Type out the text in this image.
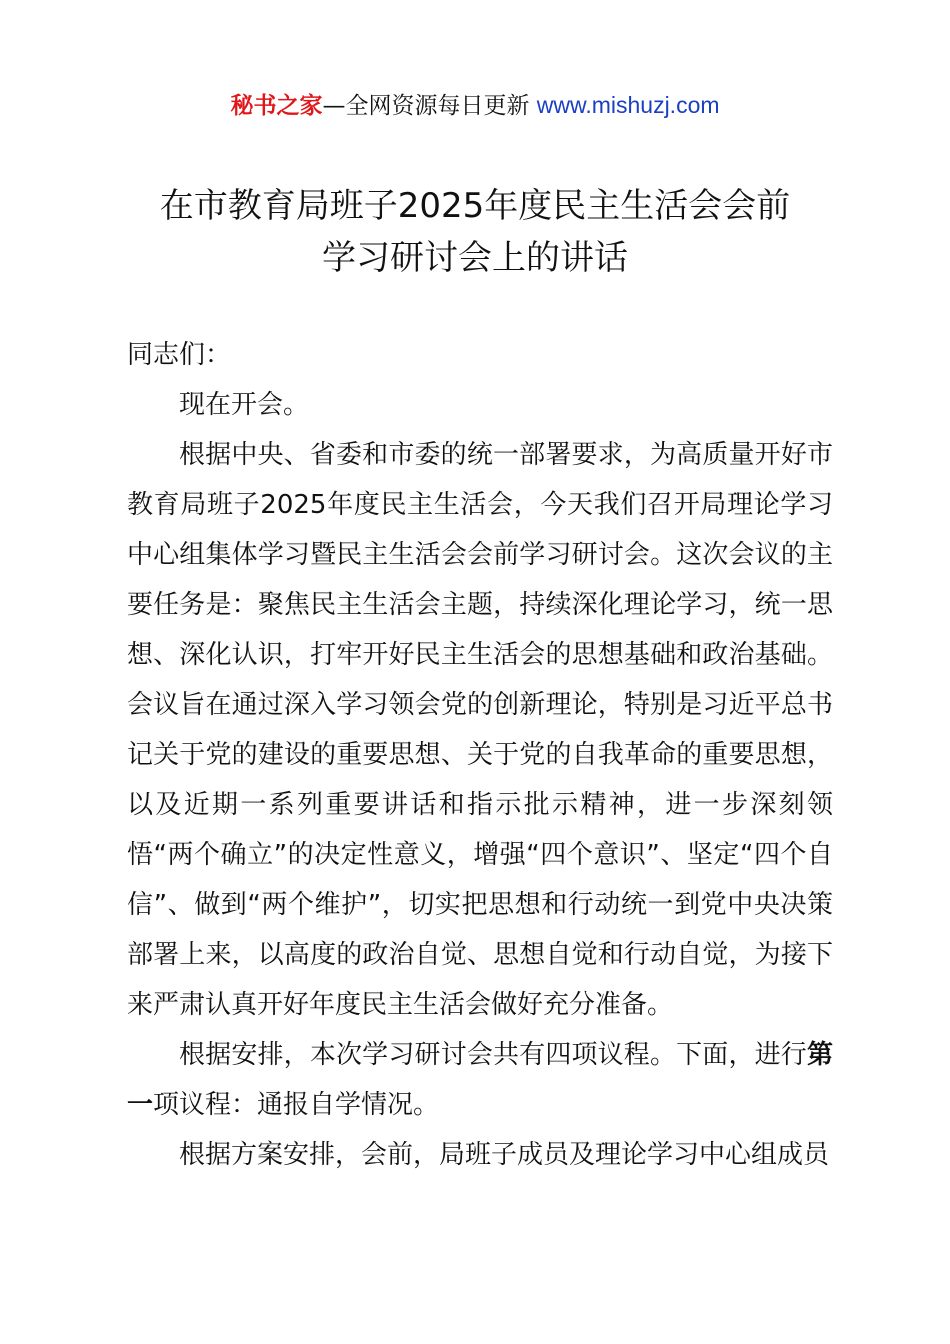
秘书之家—全网资源每日更新 www.mishuzj.com
在市教育局班子2025年度民主生活会会前
学习研讨会上的讲话

同志们：

现在开会。

根据中央、省委和市委的统一部署要求，为高质量开好市教育局班子2025年度民主生活会，今天我们召开局理论学习中心组集体学习暨民主生活会会前学习研讨会。这次会议的主要任务是：聚焦民主生活会主题，持续深化理论学习，统一思想、深化认识，打牢开好民主生活会的思想基础和政治基础。会议旨在通过深入学习领会党的创新理论，特别是习近平总书记关于党的建设的重要思想、关于党的自我革命的重要思想，以及近期一系列重要讲话和指示批示精神，进一步深刻领悟“两个确立”的决定性意义，增强“四个意识”、坚定“四个自信”、做到“两个维护”，切实把思想和行动统一到党中央决策部署上来，以高度的政治自觉、思想自觉和行动自觉，为接下来严肃认真开好年度民主生活会做好充分准备。

根据安排，本次学习研讨会共有四项议程。下面，进行第一项议程：通报自学情况。

根据方案安排，会前，局班子成员及理论学习中心组成员
